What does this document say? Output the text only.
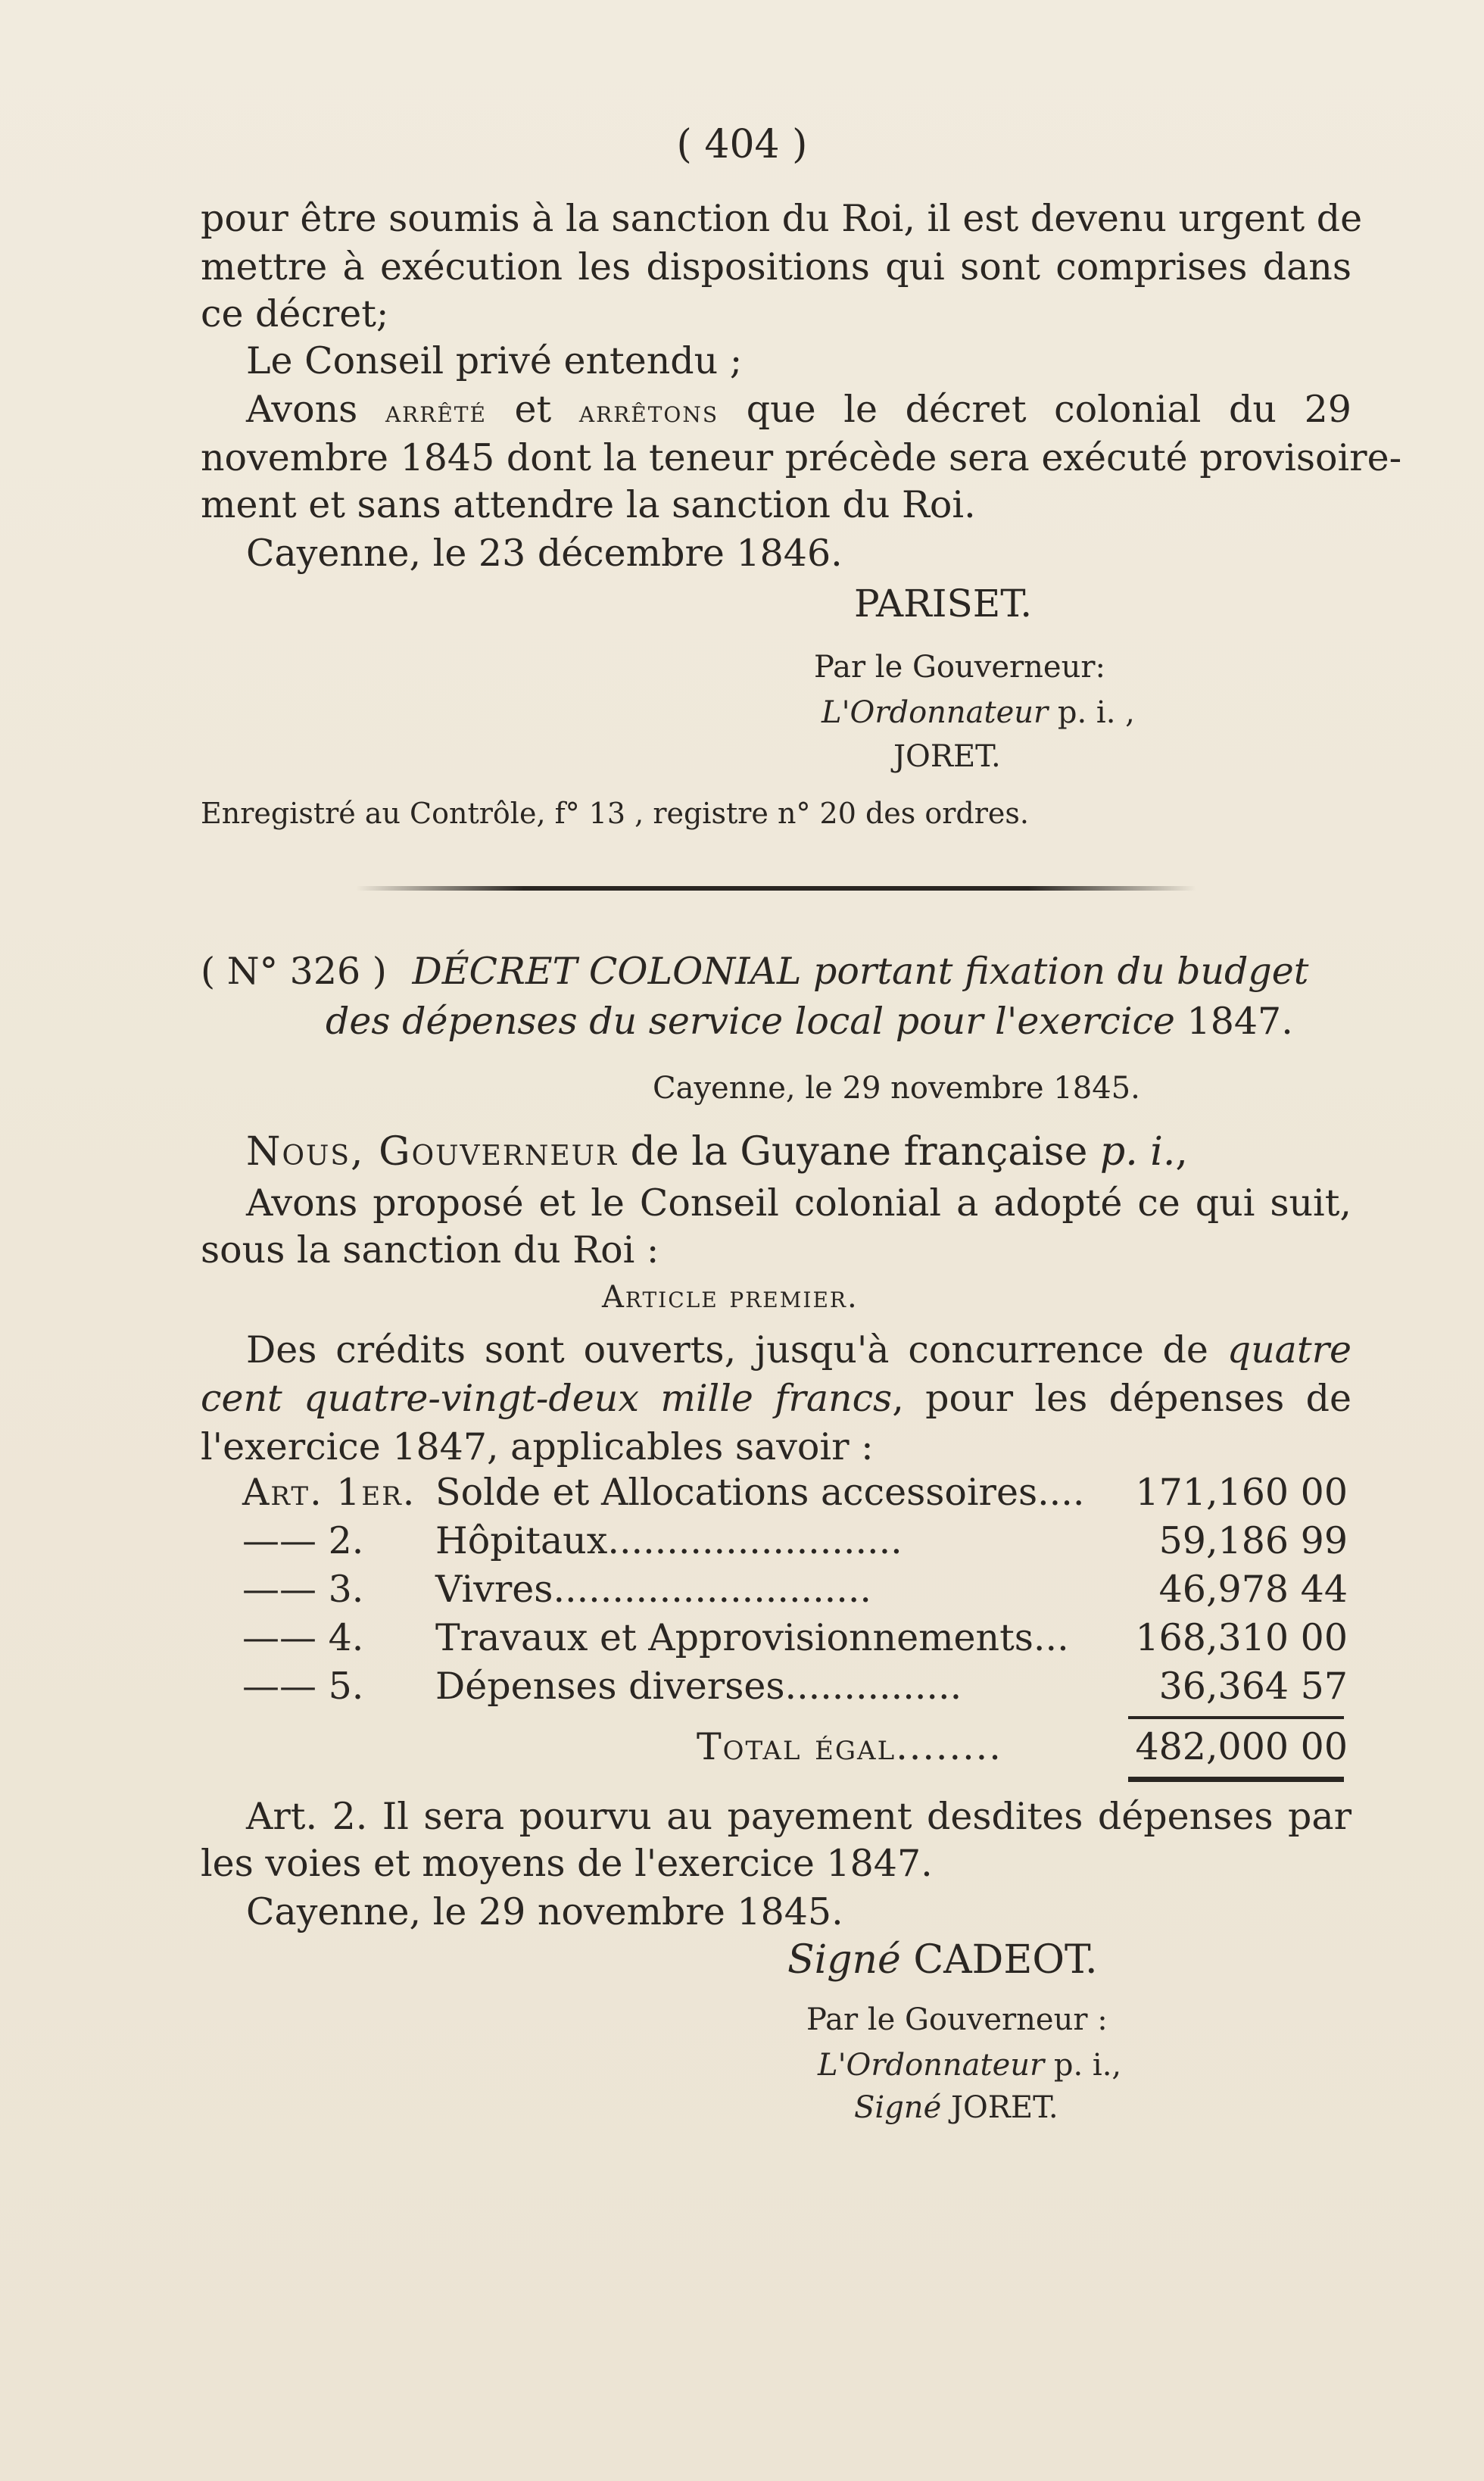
( 404 )
pour être soumis à la sanction du Roi, il est devenu urgent de
mettre à exécution les dispositions qui sont comprises dans
ce décret;
Le Conseil privé entendu ;
Avons arrêté et arrêtons que le décret colonial du 29
novembre 1845 dont la teneur précède sera exécuté provisoire-
ment et sans attendre la sanction du Roi.
Cayenne, le 23 décembre 1846.
PARISET.
Par le Gouverneur:
L'Ordonnateur p. i. ,
JORET.
Enregistré au Contrôle, f° 13 , registre n° 20 des ordres.
( N° 326 ) DÉCRET COLONIAL portant fixation du budget
des dépenses du service local pour l'exercice 1847.
Cayenne, le 29 novembre 1845.
Nous, Gouverneur de la Guyane française p. i.,
Avons proposé et le Conseil colonial a adopté ce qui suit,
sous la sanction du Roi :
Article premier.
Des crédits sont ouverts, jusqu'à concurrence de quatre
cent quatre-vingt-deux mille francs, pour les dépenses de
l'exercice 1847, applicables savoir :
Art. 1er. Solde et Allocations accessoires.... 171,160 00
—— 2. Hôpitaux.........................	59,186 99
—— 3. Vivres...........................	46,978 44
—— 4. Travaux et Approvisionnements... 168,310 00
—— 5. Dépenses diverses...............	36,364 57
Total égal........	482,000 00
Art. 2. Il sera pourvu au payement desdites dépenses par
les voies et moyens de l'exercice 1847.
Cayenne, le 29 novembre 1845.
Signé CADEOT.
Par le Gouverneur :
L'Ordonnateur p. i.,
Signé JORET.
